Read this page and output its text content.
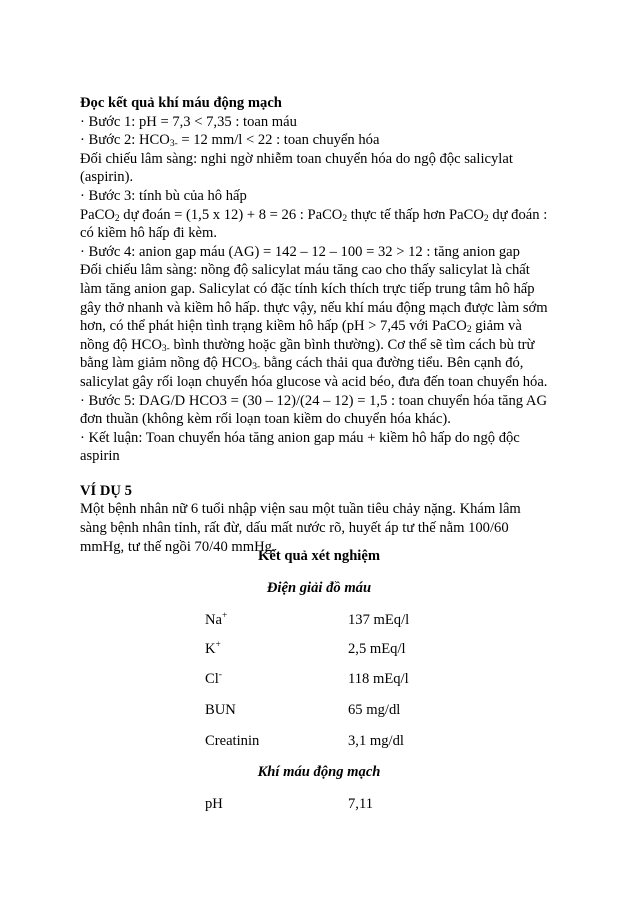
Đọc kết quả khí máu động mạch
· Bước 1: pH = 7,3 < 7,35 : toan máu
· Bước 2: $HCO_{3-} = 12$ mm/l < 22 : toan chuyển hóa
Đối chiếu lâm sàng: nghi ngờ nhiễm toan chuyển hóa do ngộ độc salicylat
(aspirin).
· Bước 3: tính bù của hô hấp
PaCO$_2$ dự đoán = (1,5 x 12) + 8 = 26 : PaCO$_2$ thực tế thấp hơn PaCO$_2$ dự đoán :
có kiềm hô hấp đi kèm.
· Bước 4: anion gap máu (AG) = 142 – 12 – 100 = 32 > 12 : tăng anion gap
Đối chiếu lâm sàng: nồng độ salicylat máu tăng cao cho thấy salicylat là chất
làm tăng anion gap. Salicylat có đặc tính kích thích trực tiếp trung tâm hô hấp
gây thở nhanh và kiềm hô hấp. thực vậy, nếu khí máu động mạch được làm sớm
hơn, có thể phát hiện tình trạng kiềm hô hấp (pH > 7,45 với PaCO$_2$ giảm và
nồng độ $HCO_{3-}$ bình thường hoặc gần bình thường). Cơ thể sẽ tìm cách bù trừ
bằng làm giảm nồng độ $HCO_{3-}$ bằng cách thải qua đường tiểu. Bên cạnh đó,
salicylat gây rối loạn chuyển hóa glucose và acid béo, đưa đến toan chuyển hóa.
· Bước 5: DAG/D HCO3 = (30 – 12)/(24 – 12) = 1,5 : toan chuyển hóa tăng AG
đơn thuần (không kèm rối loạn toan kiềm do chuyển hóa khác).
· Kết luận: Toan chuyển hóa tăng anion gap máu + kiềm hô hấp do ngộ độc
aspirin
VÍ DỤ 5
Một bệnh nhân nữ 6 tuổi nhập viện sau một tuần tiêu chảy nặng. Khám lâm
sàng bệnh nhân tỉnh, rất đừ, dấu mất nước rõ, huyết áp tư thế nằm 100/60
mmHg, tư thế ngồi 70/40 mmHg.
Kết quả xét nghiệm
Điện giải đồ máu
Na+	137 mEq/l
K+	2,5 mEq/l
Cl-	118 mEq/l
BUN	65 mg/dl
Creatinin	3,1 mg/dl
Khí máu động mạch
pH	7,11
